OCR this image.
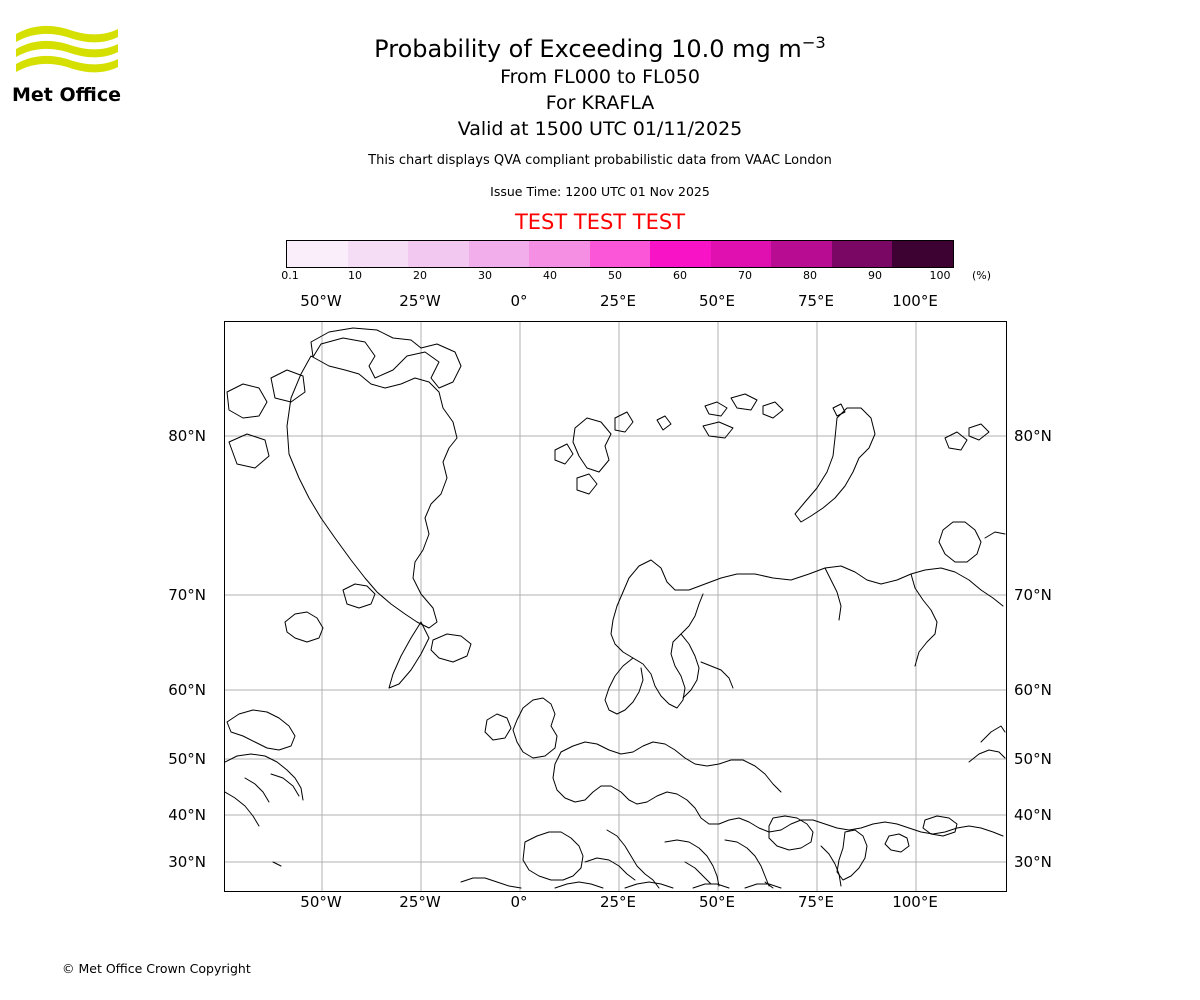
Met Office
Probability of Exceeding 10.0 mg $m^{-3}$
From FL000 to FL050
For KRAFLA
Valid at 1500 UTC 01/11/2025
This chart displays QVA compliant probabilistic data from VAAC London
Issue Time: 1200 UTC 01 Nov 2025
TEST TEST TEST
0.1	10	20	30	40	50	60	70	80	90	100 (%)
50°W	25°W	0°	25°E	50°E	75°E	100°E
80°N
70°N
60°N
50°N
40°N
30°N
80°N
70°N
60°N
50°N
40°N
30°N
50°W	25°W	0°	25°E	50°E	75°E	100°E
© Met Office Crown Copyright
